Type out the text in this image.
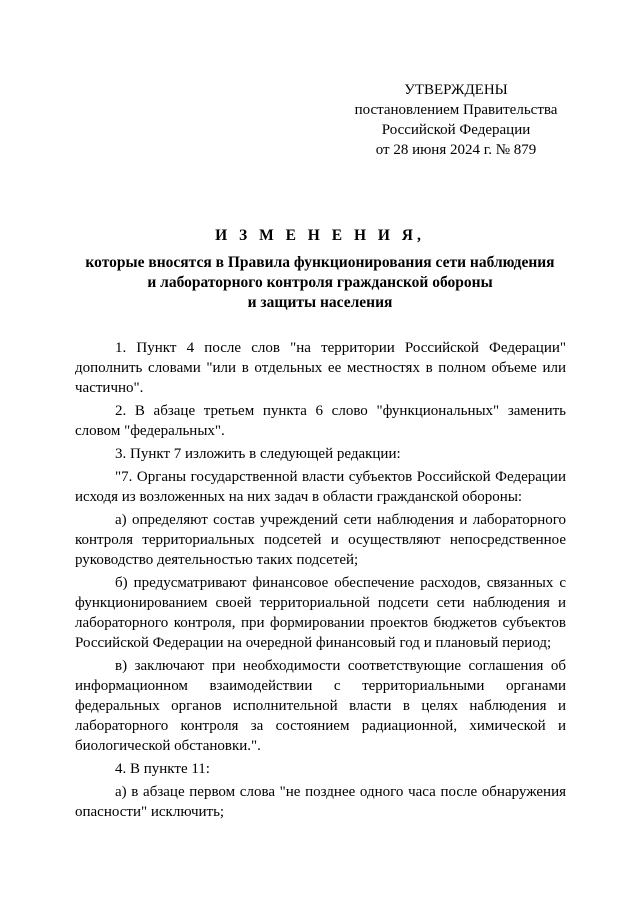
УТВЕРЖДЕНЫ
постановлением Правительства
Российской Федерации
от 28 июня 2024 г. № 879
И З М Е Н Е Н И Я,
которые вносятся в Правила функционирования сети наблюдения
и лабораторного контроля гражданской обороны
и защиты населения

1. Пункт 4 после слов "на территории Российской Федерации" дополнить словами "или в отдельных ее местностях в полном объеме или частично".

2. В абзаце третьем пункта 6 слово "функциональных" заменить словом "федеральных".

3. Пункт 7 изложить в следующей редакции:

"7. Органы государственной власти субъектов Российской Федерации исходя из возложенных на них задач в области гражданской обороны:

а) определяют состав учреждений сети наблюдения и лабораторного контроля территориальных подсетей и осуществляют непосредственное руководство деятельностью таких подсетей;

б) предусматривают финансовое обеспечение расходов, связанных с функционированием своей территориальной подсети сети наблюдения и лабораторного контроля, при формировании проектов бюджетов субъектов Российской Федерации на очередной финансовый год и плановый период;

в) заключают при необходимости соответствующие соглашения об информационном взаимодействии с территориальными органами федеральных органов исполнительной власти в целях наблюдения и лабораторного контроля за состоянием радиационной, химической и биологической обстановки.".

4. В пункте 11:

а) в абзаце первом слова "не позднее одного часа после обнаружения опасности" исключить;
